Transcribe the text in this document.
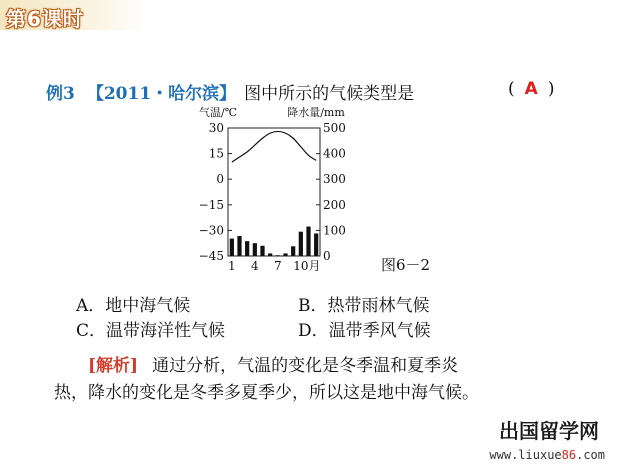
第6课时
例3 【2011・哈尔滨】 图中所示的气候类型是	( A )
气温/℃	降水量/mm
30	500
15	400
0	300
−15	200
−30	100
−45	0
1 4 7 10月	图6－2
A．地中海气候	B．热带雨林气候
C．温带海洋性气候	D．温带季风气候
[解析] 通过分析，气温的变化是冬季温和夏季炎
热，降水的变化是冬季多夏季少，所以这是地中海气候。
出国留学网
www.liuxue86.com
